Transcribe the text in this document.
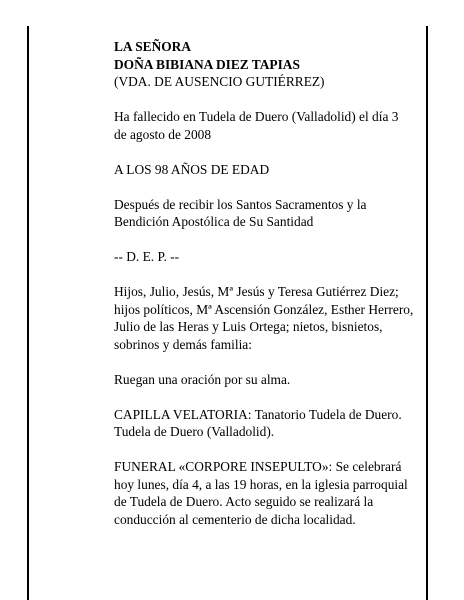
LA SEÑORA
DOÑA BIBIANA DIEZ TAPIAS
(VDA. DE AUSENCIO GUTIÉRREZ)

Ha fallecido en Tudela de Duero (Valladolid) el día 3
de agosto de 2008

A LOS 98 AÑOS DE EDAD

Después de recibir los Santos Sacramentos y la
Bendición Apostólica de Su Santidad

-- D. E. P. --

Hijos, Julio, Jesús, Mª Jesús y Teresa Gutiérrez Diez;
hijos políticos, Mª Ascensión González, Esther Herrero,
Julio de las Heras y Luis Ortega; nietos, bisnietos,
sobrinos y demás familia:

Ruegan una oración por su alma.

CAPILLA VELATORIA: Tanatorio Tudela de Duero.
Tudela de Duero (Valladolid).

FUNERAL «CORPORE INSEPULTO»: Se celebrará
hoy lunes, día 4, a las 19 horas, en la iglesia parroquial
de Tudela de Duero. Acto seguido se realizará la
conducción al cementerio de dicha localidad.
